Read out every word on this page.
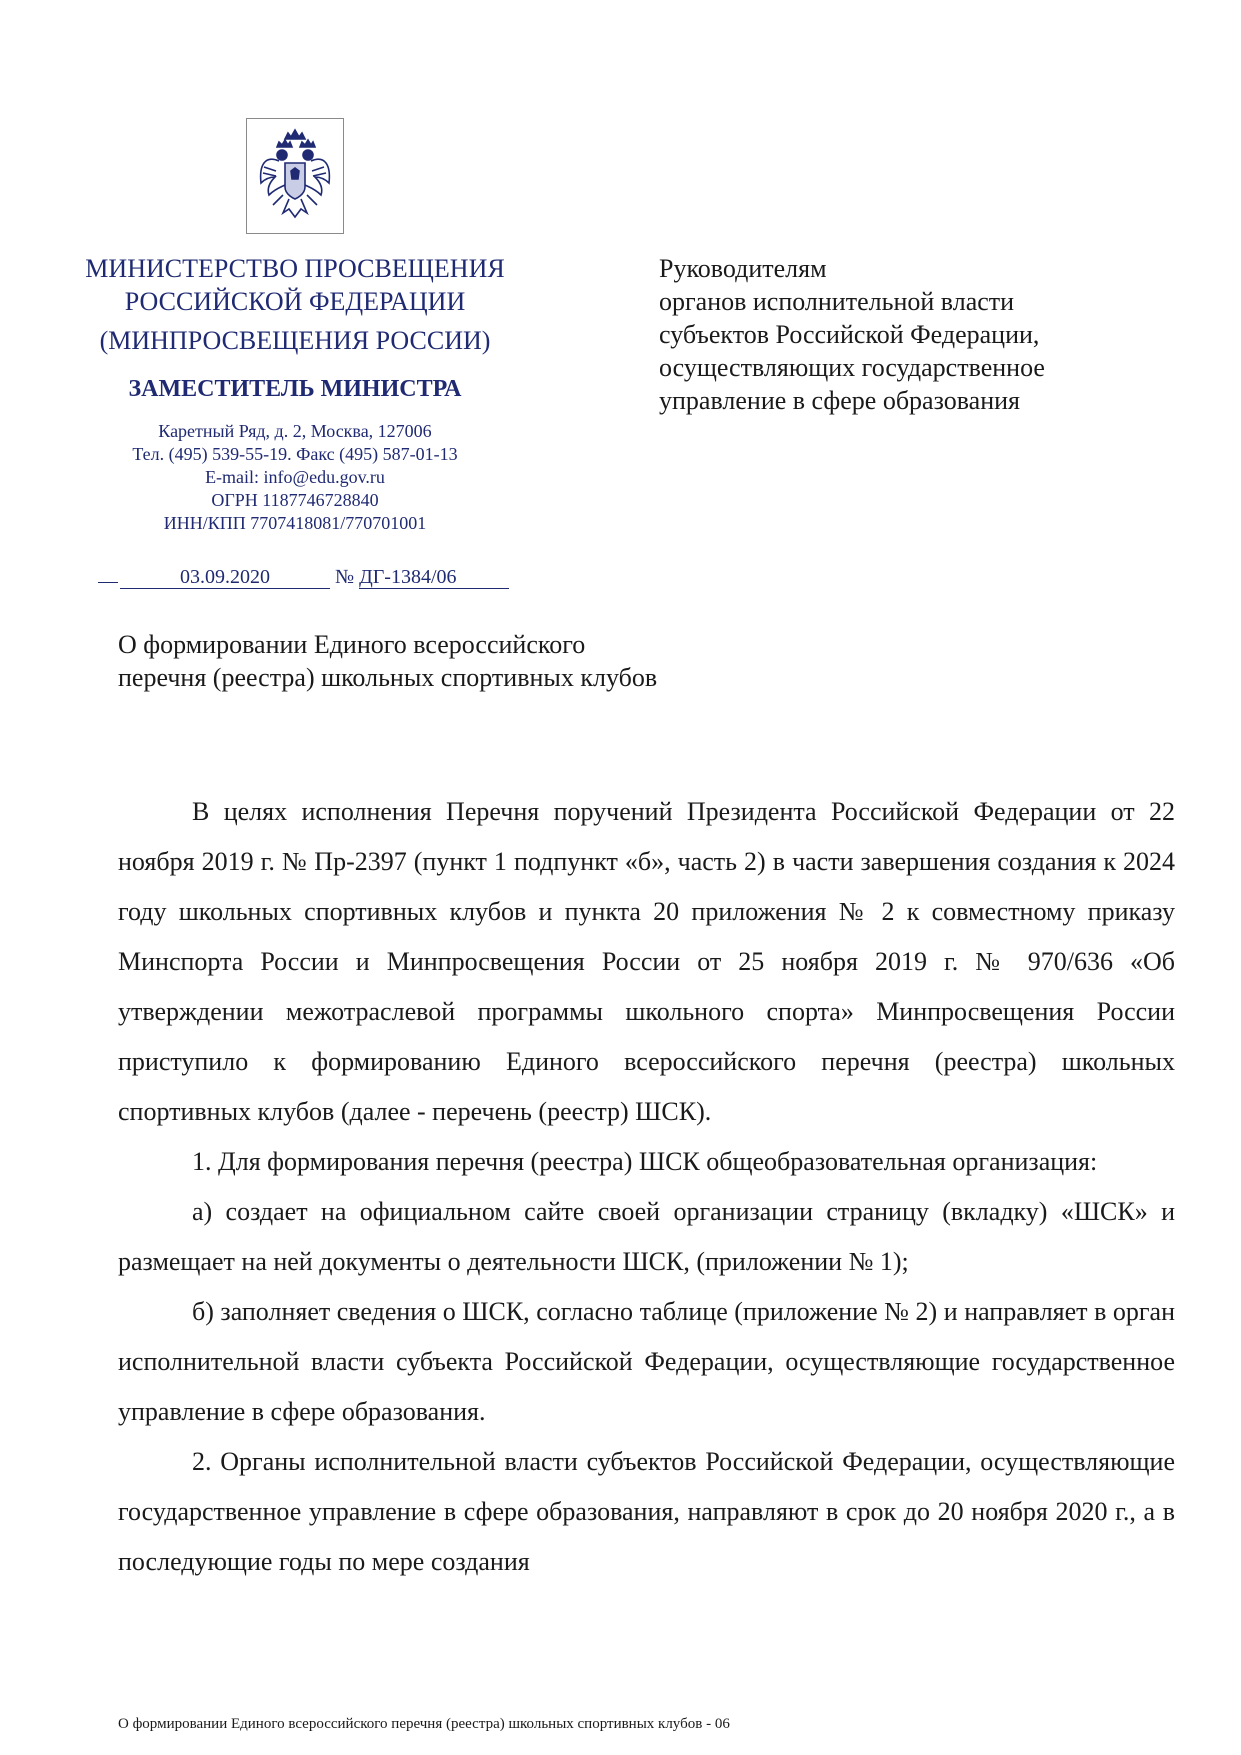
МИНИСТЕРСТВО ПРОСВЕЩЕНИЯ
РОССИЙСКОЙ ФЕДЕРАЦИИ
(МИНПРОСВЕЩЕНИЯ РОССИИ)
ЗАМЕСТИТЕЛЬ МИНИСТРА
Каретный Ряд, д. 2, Москва, 127006
Тел. (495) 539-55-19. Факс (495) 587-01-13
E-mail: info@edu.gov.ru
ОГРН 1187746728840
ИНН/КПП 7707418081/770701001
03.09.2020	№ ДГ-1384/06
Руководителям
органов исполнительной власти
субъектов Российской Федерации,
осуществляющих государственное
управление в сфере образования
О формировании Единого всероссийского
перечня (реестра) школьных спортивных клубов

В целях исполнения Перечня поручений Президента Российской Федерации от 22 ноября 2019 г. № Пр-2397 (пункт 1 подпункт «б», часть 2) в части завершения создания к 2024 году школьных спортивных клубов и пункта 20 приложения № 2 к совместному приказу Минспорта России и Минпросвещения России от 25 ноября 2019 г. № 970/636 «Об утверждении межотраслевой программы школьного спорта» Минпросвещения России приступило к формированию Единого всероссийского перечня (реестра) школьных спортивных клубов (далее - перечень (реестр) ШСК).

1. Для формирования перечня (реестра) ШСК общеобразовательная организация:

а) создает на официальном сайте своей организации страницу (вкладку) «ШСК» и размещает на ней документы о деятельности ШСК, (приложении № 1);

б) заполняет сведения о ШСК, согласно таблице (приложение № 2) и направляет в орган исполнительной власти субъекта Российской Федерации, осуществляющие государственное управление в сфере образования.

2. Органы исполнительной власти субъектов Российской Федерации, осуществляющие государственное управление в сфере образования, направляют в срок до 20 ноября 2020 г., а в последующие годы по мере создания

О формировании Единого всероссийского перечня (реестра) школьных спортивных клубов - 06
